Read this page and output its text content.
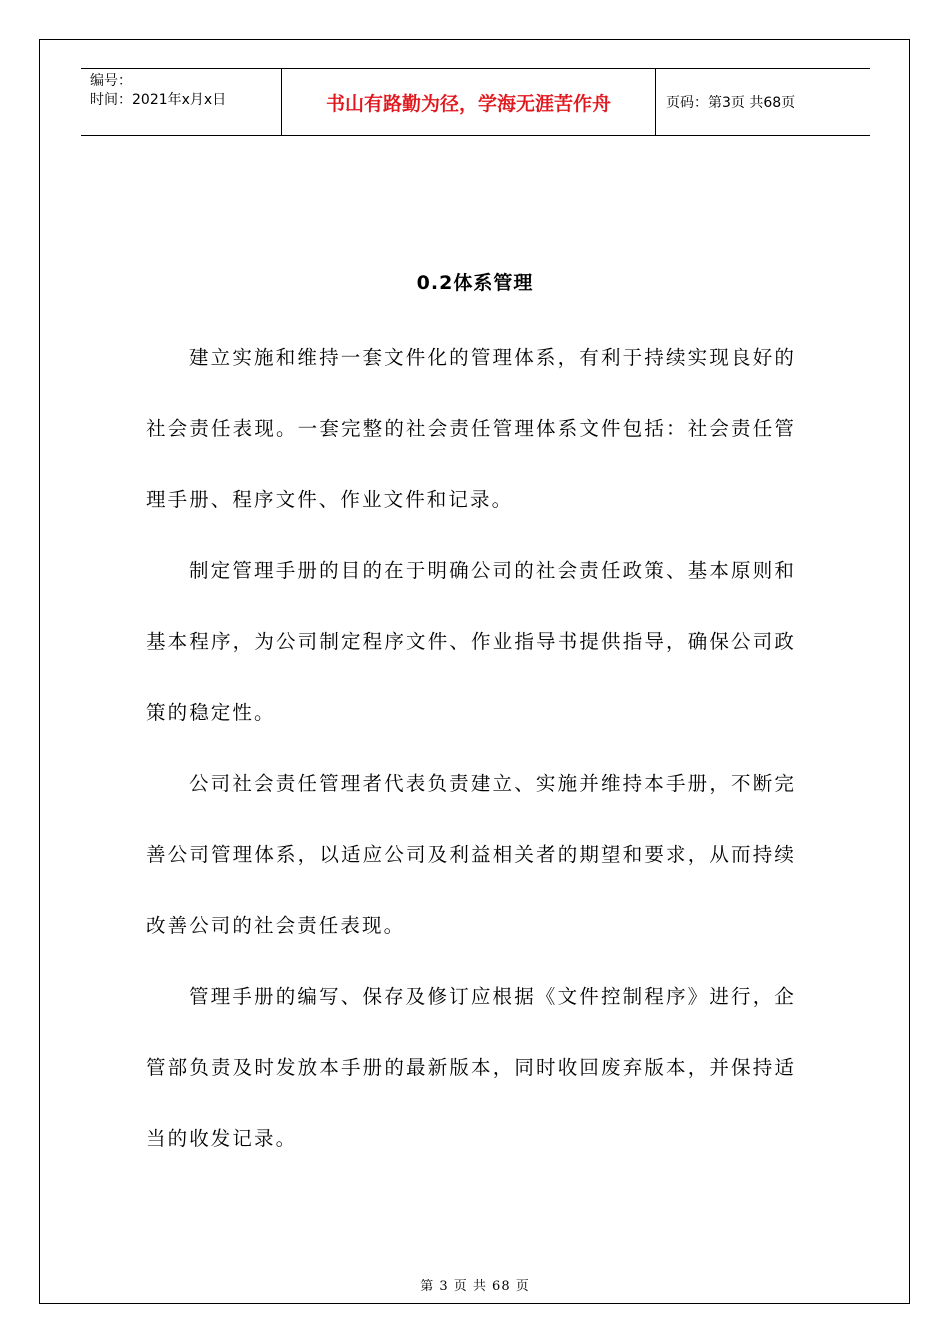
编号：
时间：2021年x月x日	书山有路勤为径，学海无涯苦作舟	页码：第3页 共68页
0.2体系管理

建立实施和维持一套文件化的管理体系，有利于持续实现良好的社会责任表现。一套完整的社会责任管理体系文件包括：社会责任管理手册、程序文件、作业文件和记录。

制定管理手册的目的在于明确公司的社会责任政策、基本原则和基本程序，为公司制定程序文件、作业指导书提供指导，确保公司政策的稳定性。

公司社会责任管理者代表负责建立、实施并维持本手册，不断完善公司管理体系，以适应公司及利益相关者的期望和要求，从而持续改善公司的社会责任表现。

管理手册的编写、保存及修订应根据《文件控制程序》进行，企管部负责及时发放本手册的最新版本，同时收回废弃版本，并保持适当的收发记录。

第 3 页 共 68 页
